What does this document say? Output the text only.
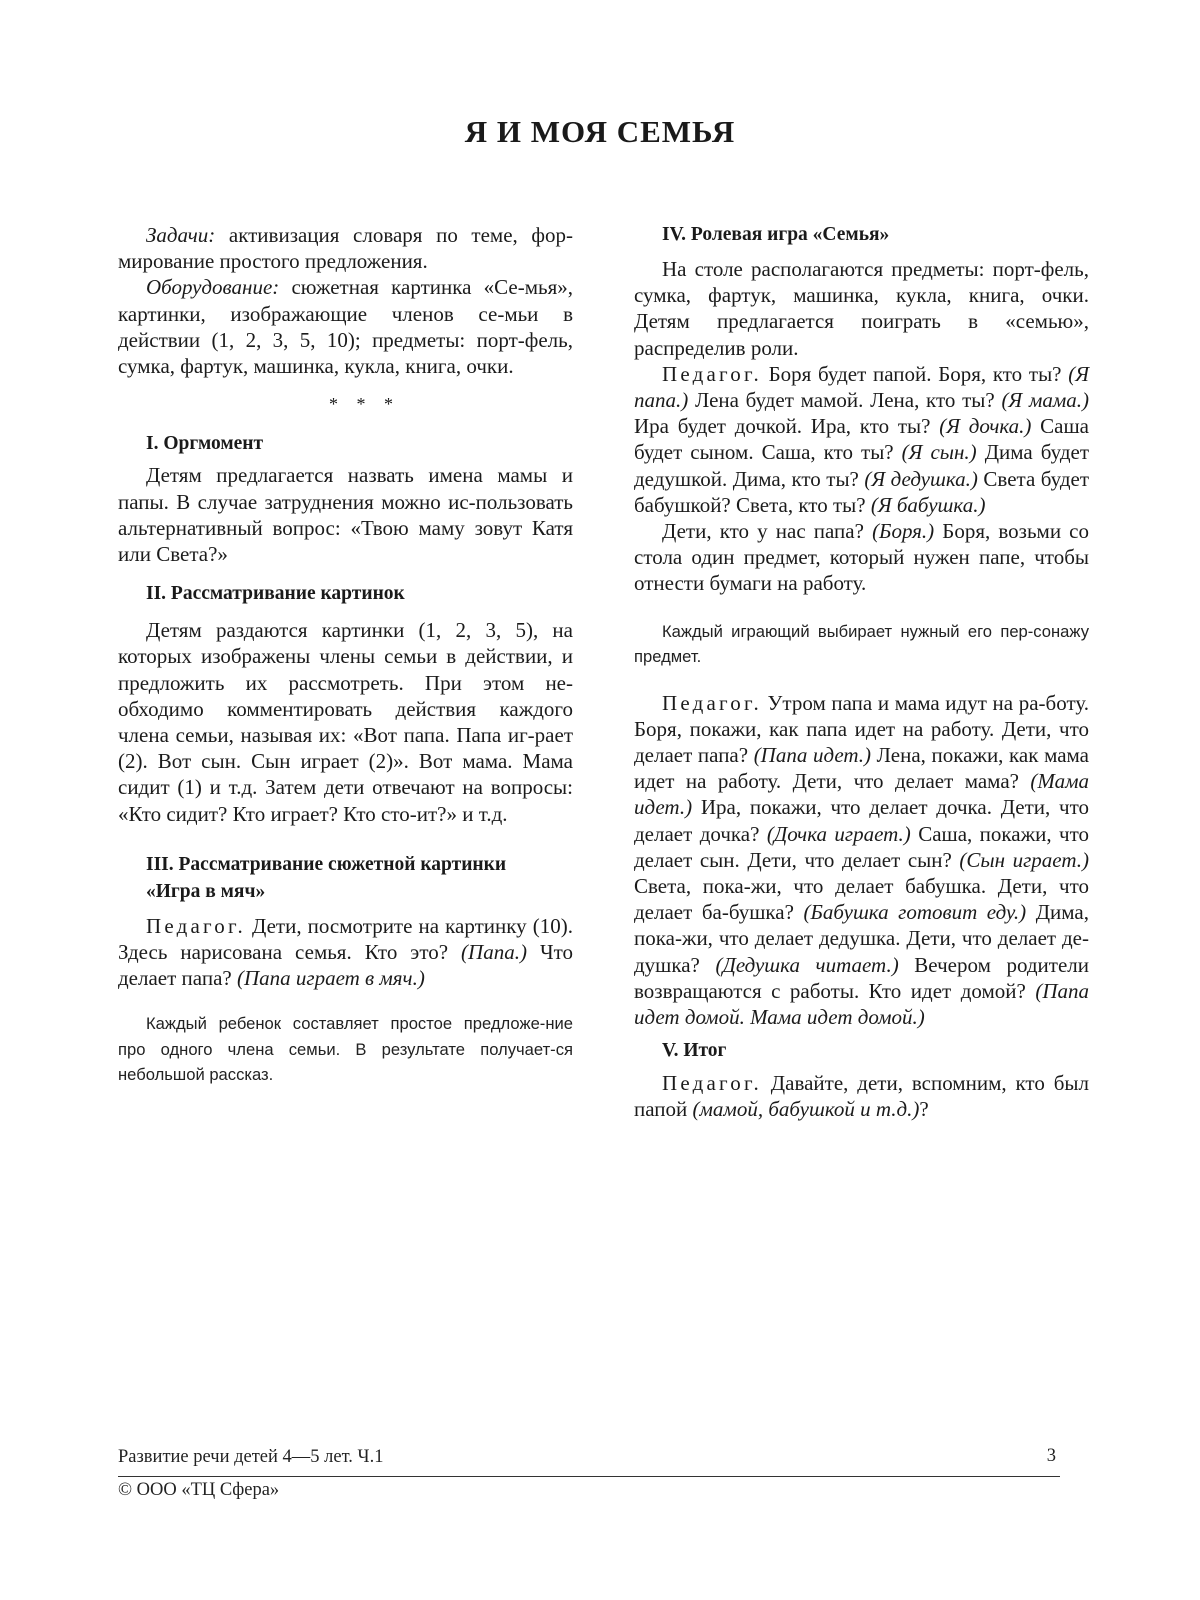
Я И МОЯ СЕМЬЯ

Задачи: активизация словаря по теме, фор-мирование простого предложения.

Оборудование: сюжетная картинка «Се-мья», картинки, изображающие членов се-мьи в действии (1, 2, 3, 5, 10); предметы: порт-фель, сумка, фартук, машинка, кукла, книга, очки.

* * *
I. Оргмомент

Детям предлагается назвать имена мамы и папы. В случае затруднения можно ис-пользовать альтернативный вопрос: «Твою маму зовут Катя или Света?»

II. Рассматривание картинок

Детям раздаются картинки (1, 2, 3, 5), на которых изображены члены семьи в действии, и предложить их рассмотреть. При этом не-обходимо комментировать действия каждого члена семьи, называя их: «Вот папа. Папа иг-рает (2). Вот сын. Сын играет (2)». Вот мама. Мама сидит (1) и т.д. Затем дети отвечают на вопросы: «Кто сидит? Кто играет? Кто сто-ит?» и т.д.

III. Рассматривание сюжетной картинки
«Игра в мяч»

Педагог. Дети, посмотрите на картинку (10). Здесь нарисована семья. Кто это? (Папа.) Что делает папа? (Папа играет в мяч.)

Каждый ребенок составляет простое предложе-ние про одного члена семьи. В результате получает-ся небольшой рассказ.

IV. Ролевая игра «Семья»

На столе располагаются предметы: порт-фель, сумка, фартук, машинка, кукла, книга, очки. Детям предлагается поиграть в «семью», распределив роли.

Педагог. Боря будет папой. Боря, кто ты? (Я папа.) Лена будет мамой. Лена, кто ты? (Я мама.) Ира будет дочкой. Ира, кто ты? (Я дочка.) Саша будет сыном. Саша, кто ты? (Я сын.) Дима будет дедушкой. Дима, кто ты? (Я дедушка.) Света будет бабушкой? Света, кто ты? (Я бабушка.)

Дети, кто у нас папа? (Боря.) Боря, возьми со стола один предмет, который нужен папе, чтобы отнести бумаги на работу.

Каждый играющий выбирает нужный его пер-сонажу предмет.

Педагог. Утром папа и мама идут на ра-боту. Боря, покажи, как папа идет на работу. Дети, что делает папа? (Папа идет.) Лена, покажи, как мама идет на работу. Дети, что делает мама? (Мама идет.) Ира, покажи, что делает дочка. Дети, что делает дочка? (Дочка играет.) Саша, покажи, что делает сын. Дети, что делает сын? (Сын играет.) Света, пока-жи, что делает бабушка. Дети, что делает ба-бушка? (Бабушка готовит еду.) Дима, пока-жи, что делает дедушка. Дети, что делает де-душка? (Дедушка читает.) Вечером родители возвращаются с работы. Кто идет домой? (Папа идет домой. Мама идет домой.)

V. Итог

Педагог. Давайте, дети, вспомним, кто был папой (мамой, бабушкой и т.д.)?

Развитие речи детей 4—5 лет. Ч.1	3
© ООО «ТЦ Сфера»
